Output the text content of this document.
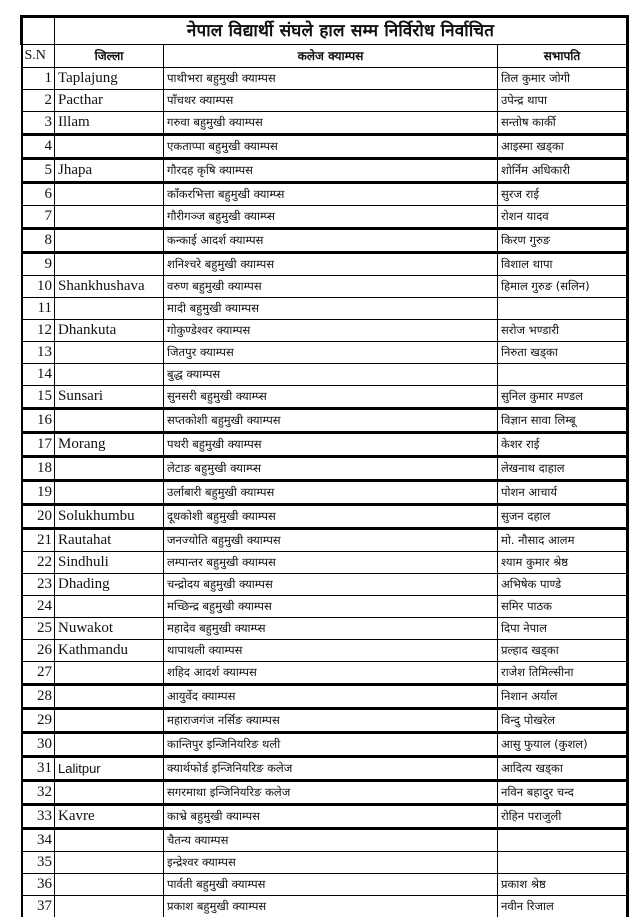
	नेपाल विद्यार्थी संघले हाल सम्म निर्विरोध निर्वाचित		
S.N	जिल्ला	कलेज क्याम्पस	सभापति
1	Taplajung	पाथीभरा बहुमुखी क्याम्पस	तिल कुमार जोगी
2	Pacthar	पाँचथर क्याम्पस	उपेन्द्र थापा
3	Illam	गरुवा बहुमुखी क्याम्पस	सन्तोष कार्की
4		एकताप्पा बहुमुखी क्याम्पस	आइस्मा खड्का
5	Jhapa	गौरदह कृषि क्याम्पस	शोर्निम अधिकारी
6		काँकरभित्ता बहुमुखी क्याम्प्स	सुरज राई
7		गौरीगञ्ज बहुमुखी क्याम्प्स	रोशन यादव
8		कन्काई आदर्श क्याम्पस	किरण गुरुङ
9		शनिश्चरे बहुमुखी क्याम्पस	विशाल थापा
10	Shankhushava	वरुण बहुमुखी क्याम्पस	हिमाल गुरुङ (सलिन)
11		मादी बहुमुखी क्याम्पस	
12	Dhankuta	गोकुण्डेश्वर क्याम्पस	सरोज भण्डारी
13		जितपुर क्याम्पस	निरुता खड्का
14		बुद्ध क्याम्पस	
15	Sunsari	सुनसरी बहुमुखी क्याम्प्स	सुनिल कुमार मण्डल
16		सप्तकोशी बहुमुखी क्याम्पस	विज्ञान सावा लिम्बू
17	Morang	पथरी बहुमुखी क्याम्पस	केशर राई
18		लेटाङ बहुमुखी क्याम्प्स	लेखनाथ दाहाल
19		उर्लाबारी बहुमुखी क्याम्पस	पोशन आचार्य
20	Solukhumbu	दूधकोशी बहुमुखी क्याम्पस	सुजन दहाल
21	Rautahat	जनज्योति बहुमुखी क्याम्पस	मो. नौसाद आलम
22	Sindhuli	लम्पान्तर बहुमुखी क्याम्पस	श्याम कुमार श्रेष्ठ
23	Dhading	चन्द्रोदय बहुमुखी क्याम्पस	अभिषेक पाण्डे
24		मच्छिन्द्र बहुमुखी क्याम्पस	समिर पाठक
25	Nuwakot	महादेव बहुमुखी क्याम्प्स	दिपा नेपाल
26	Kathmandu	थापाथली क्याम्पस	प्रल्हाद खड्का
27		शहिद आदर्श क्याम्पस	राजेश तिमिल्सीना
28		आयुर्वेद क्याम्पस	निशान अर्याल
29		महाराजगंज नर्सिङ क्याम्पस	विन्दु पोखरेल
30		कान्तिपुर इन्जिनियरिङ थली	आसु फुयाल (कुशल)
31	Lalitpur	क्यार्थफोर्ड इन्जिनियरिङ कलेज	आदित्य खड्का
32		सगरमाथा इन्जिनियरिङ कलेज	नविन बहादुर चन्द
33	Kavre	काभ्रे बहुमुखी क्याम्पस	रोहिन पराजुली
34		चैतन्य क्याम्पस	
35		इन्द्रेश्वर क्याम्पस	
36		पार्वती बहुमुखी क्याम्पस	प्रकाश श्रेष्ठ
37		प्रकाश बहुमुखी क्याम्पस	नवीन रिजाल
